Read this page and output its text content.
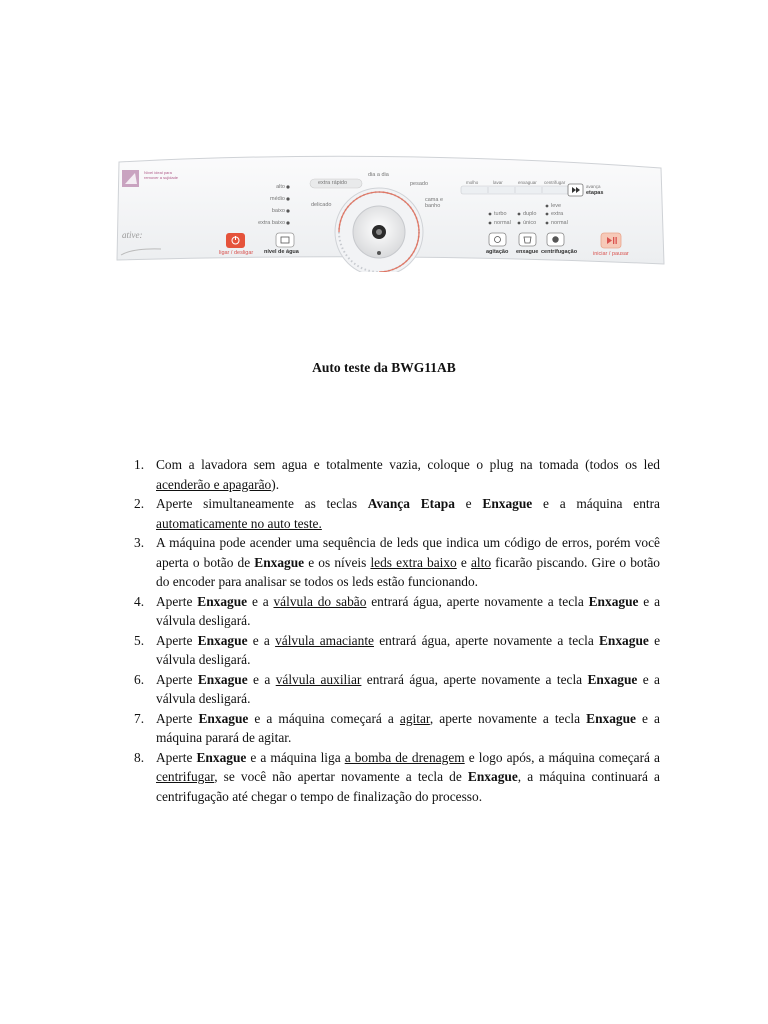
Nível ideal para remover a sujidade
ative:
alto
médio
baixo
extra baixo
extra rápido
dia a dia
pesado
delicado
cama e banho
molho	lavar	enxaguar centrifugar
avança
etapas
turbo
normal
duplo
único
leve
extra
normal
ligar / desligar nível de água	agitação enxague centrifugação	iniciar / pausar
Auto teste da BWG11AB
1. Com a lavadora sem agua e totalmente vazia, coloque o plug na tomada (todos os led acenderão e apagarão).
2. Aperte simultaneamente as teclas Avança Etapa e Enxague e a máquina entra automaticamente no auto teste.
3. A máquina pode acender uma sequência de leds que indica um código de erros, porém você aperta o botão de Enxague e os níveis leds extra baixo e alto ficarão piscando. Gire o botão do encoder para analisar se todos os leds estão funcionando.
4. Aperte Enxague e a válvula do sabão entrará água, aperte novamente a tecla Enxague e a válvula desligará.
5. Aperte Enxague e a válvula amaciante entrará água, aperte novamente a tecla Enxague e válvula desligará.
6. Aperte Enxague e a válvula auxiliar entrará água, aperte novamente a tecla Enxague e a válvula desligará.
7. Aperte Enxague e a máquina começará a agitar, aperte novamente a tecla Enxague e a máquina parará de agitar.
8. Aperte Enxague e a máquina liga a bomba de drenagem e logo após, a máquina começará a centrifugar, se você não apertar novamente a tecla de Enxague, a máquina continuará a centrifugação até chegar o tempo de finalização do processo.
